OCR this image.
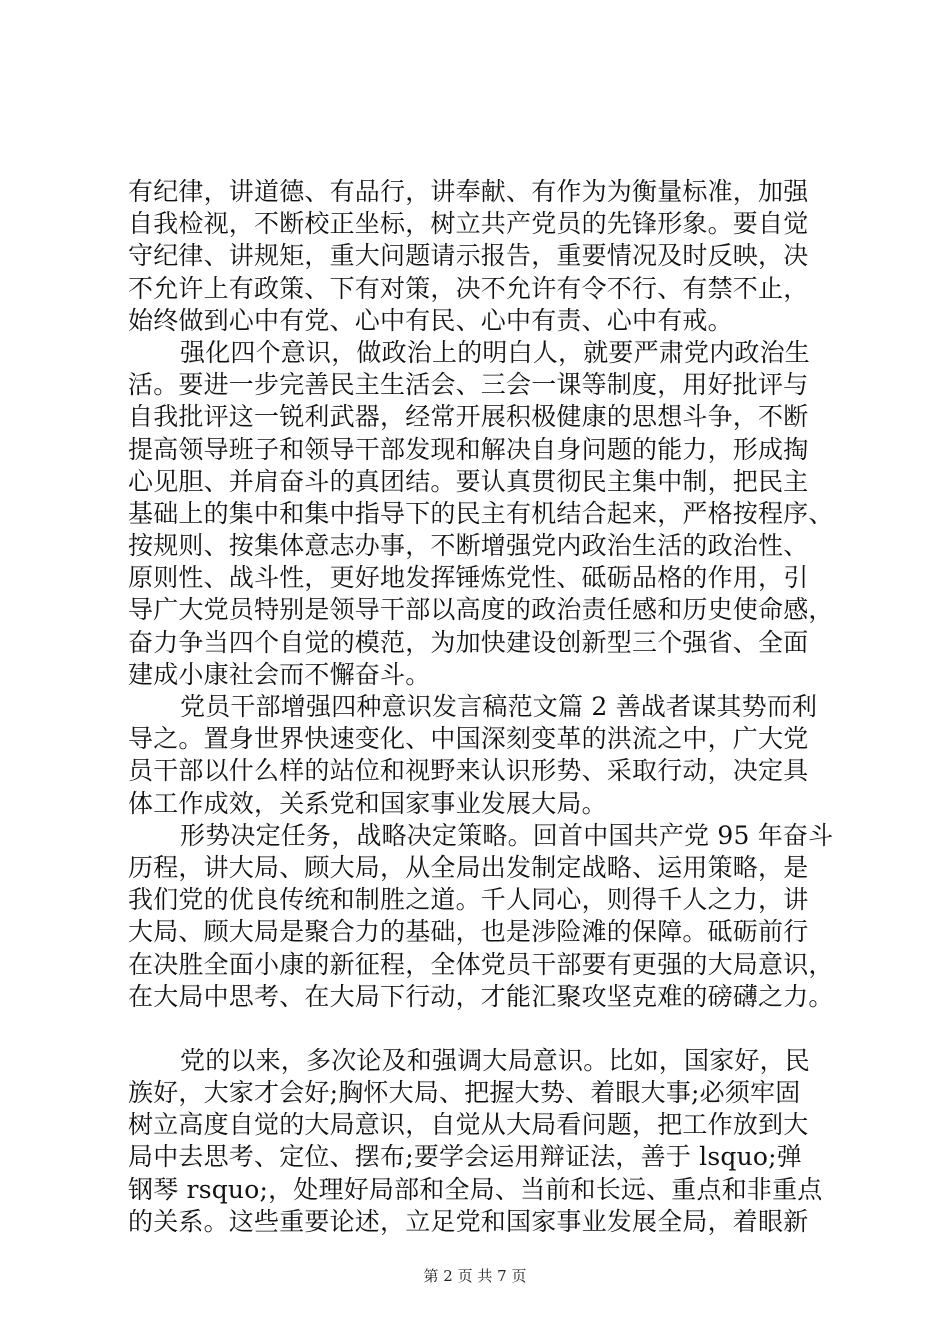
有纪律，讲道德、有品行，讲奉献、有作为为衡量标准，加强
自我检视，不断校正坐标，树立共产党员的先锋形象。要自觉
守纪律、讲规矩，重大问题请示报告，重要情况及时反映，决
不允许上有政策、下有对策，决不允许有令不行、有禁不止，
始终做到心中有党、心中有民、心中有责、心中有戒。
强化四个意识，做政治上的明白人，就要严肃党内政治生
活。要进一步完善民主生活会、三会一课等制度，用好批评与
自我批评这一锐利武器，经常开展积极健康的思想斗争，不断
提高领导班子和领导干部发现和解决自身问题的能力，形成掏
心见胆、并肩奋斗的真团结。要认真贯彻民主集中制，把民主
基础上的集中和集中指导下的民主有机结合起来，严格按程序、
按规则、按集体意志办事，不断增强党内政治生活的政治性、
原则性、战斗性，更好地发挥锤炼党性、砥砺品格的作用，引
导广大党员特别是领导干部以高度的政治责任感和历史使命感，
奋力争当四个自觉的模范，为加快建设创新型三个强省、全面
建成小康社会而不懈奋斗。
党员干部增强四种意识发言稿范文篇 2 善战者谋其势而利
导之。置身世界快速变化、中国深刻变革的洪流之中，广大党
员干部以什么样的站位和视野来认识形势、采取行动，决定具
体工作成效，关系党和国家事业发展大局。
形势决定任务，战略决定策略。回首中国共产党 95 年奋斗
历程，讲大局、顾大局，从全局出发制定战略、运用策略，是
我们党的优良传统和制胜之道。千人同心，则得千人之力，讲
大局、顾大局是聚合力的基础，也是涉险滩的保障。砥砺前行
在决胜全面小康的新征程，全体党员干部要有更强的大局意识，
在大局中思考、在大局下行动，才能汇聚攻坚克难的磅礴之力。
党的以来，多次论及和强调大局意识。比如，国家好，民
族好，大家才会好;胸怀大局、把握大势、着眼大事;必须牢固
树立高度自觉的大局意识，自觉从大局看问题，把工作放到大
局中去思考、定位、摆布;要学会运用辩证法，善于 lsquo;弹
钢琴 rsquo;，处理好局部和全局、当前和长远、重点和非重点
的关系。这些重要论述，立足党和国家事业发展全局，着眼新
第 2 页 共 7 页
